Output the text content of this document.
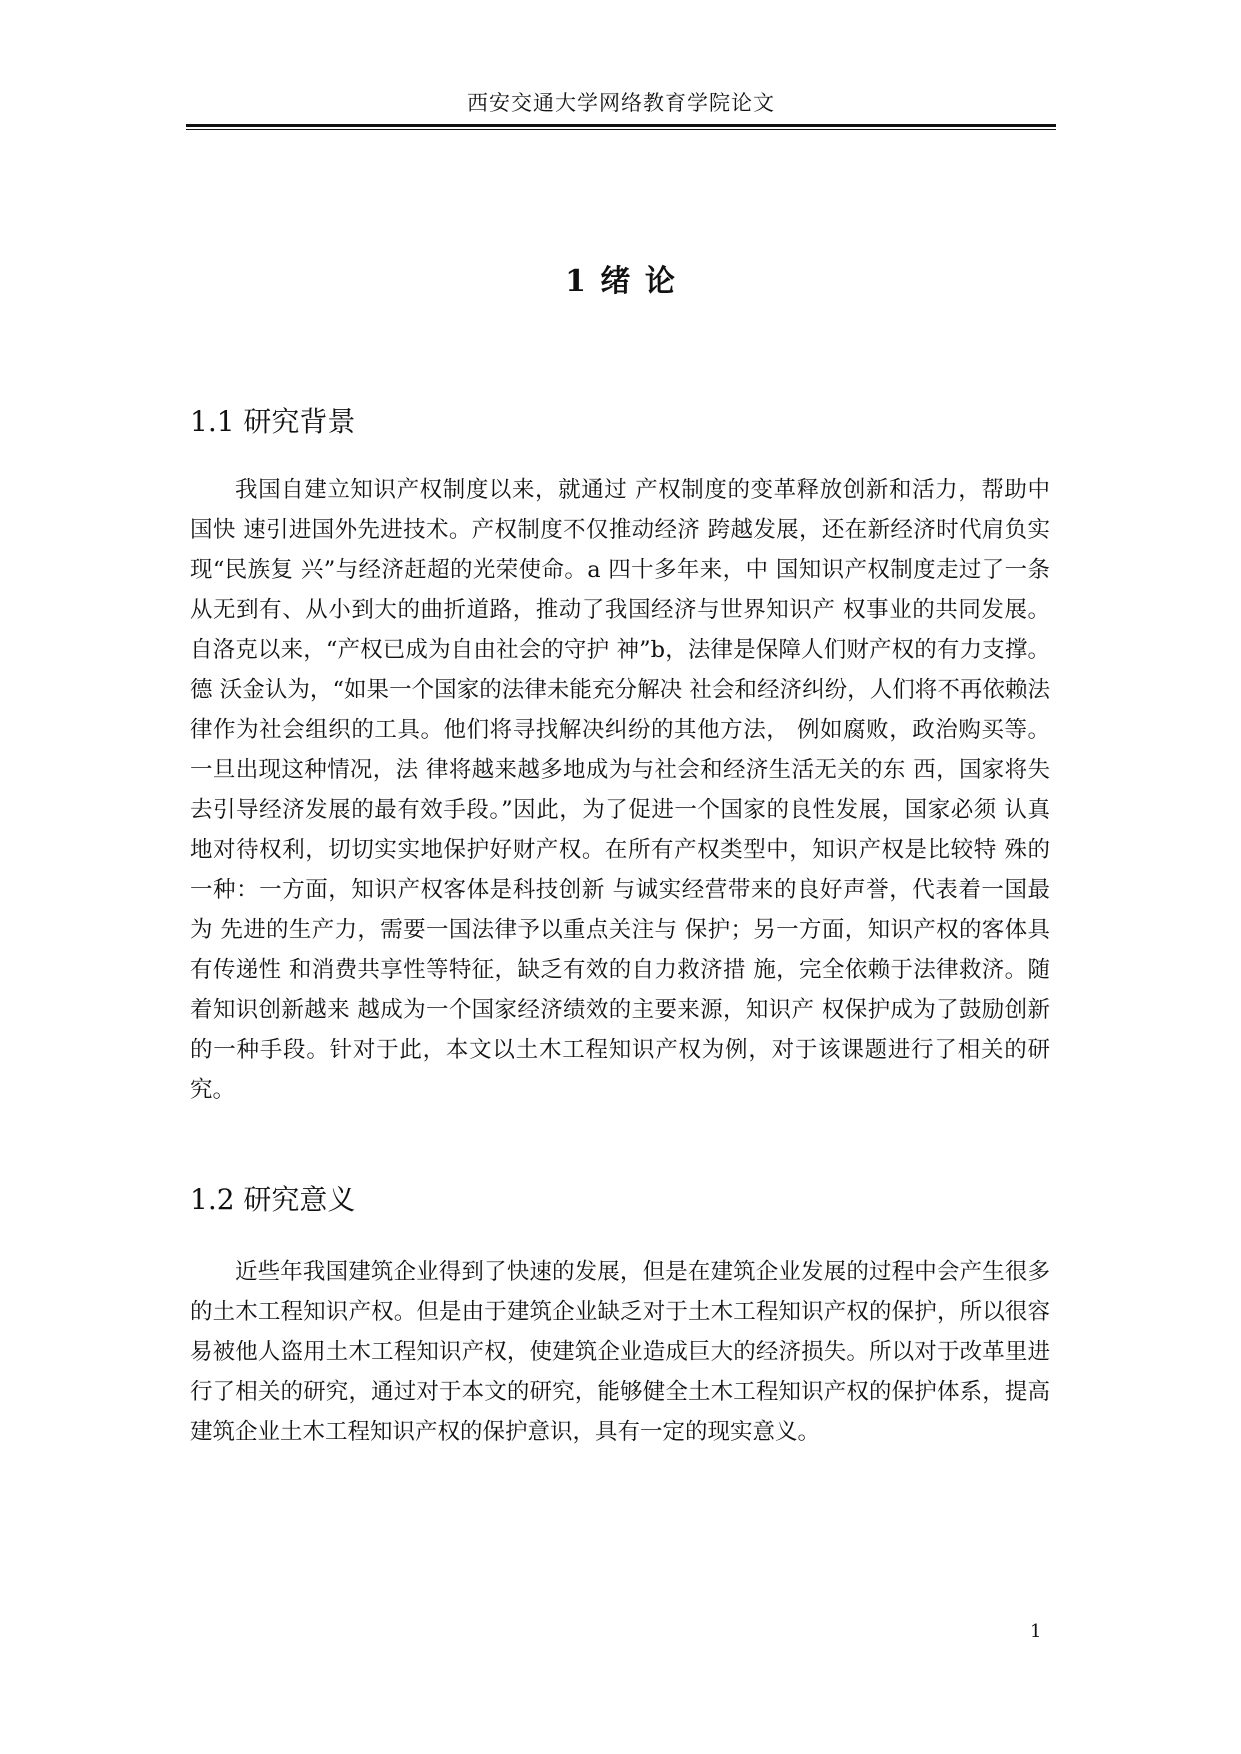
西安交通大学网络教育学院论文
1 绪 论
1.1 研究背景

我国自建立知识产权制度以来，就通过 产权制度的变革释放创新和活力，帮助中国快 速引进国外先进技术。产权制度不仅推动经济 跨越发展，还在新经济时代肩负实现“民族复 兴”与经济赶超的光荣使命。a 四十多年来，中 国知识产权制度走过了一条从无到有、从小到大的曲折道路，推动了我国经济与世界知识产 权事业的共同发展。自洛克以来，“产权已成为自由社会的守护 神”b，法律是保障人们财产权的有力支撑。德 沃金认为，“如果一个国家的法律未能充分解决 社会和经济纠纷，人们将不再依赖法律作为社会组织的工具。他们将寻找解决纠纷的其他方法， 例如腐败，政治购买等。一旦出现这种情况，法 律将越来越多地成为与社会和经济生活无关的东 西，国家将失去引导经济发展的最有效手段。”因此，为了促进一个国家的良性发展，国家必须 认真地对待权利，切切实实地保护好财产权。在所有产权类型中，知识产权是比较特 殊的一种：一方面，知识产权客体是科技创新 与诚实经营带来的良好声誉，代表着一国最为 先进的生产力，需要一国法律予以重点关注与 保护；另一方面，知识产权的客体具有传递性 和消费共享性等特征，缺乏有效的自力救济措 施，完全依赖于法律救济。随着知识创新越来 越成为一个国家经济绩效的主要来源，知识产 权保护成为了鼓励创新的一种手段。针对于此，本文以土木工程知识产权为例，对于该课题进行了相关的研究。

1.2 研究意义

近些年我国建筑企业得到了快速的发展，但是在建筑企业发展的过程中会产生很多的土木工程知识产权。但是由于建筑企业缺乏对于土木工程知识产权的保护，所以很容易被他人盗用土木工程知识产权，使建筑企业造成巨大的经济损失。所以对于改革里进行了相关的研究，通过对于本文的研究，能够健全土木工程知识产权的保护体系，提高建筑企业土木工程知识产权的保护意识，具有一定的现实意义。

1
